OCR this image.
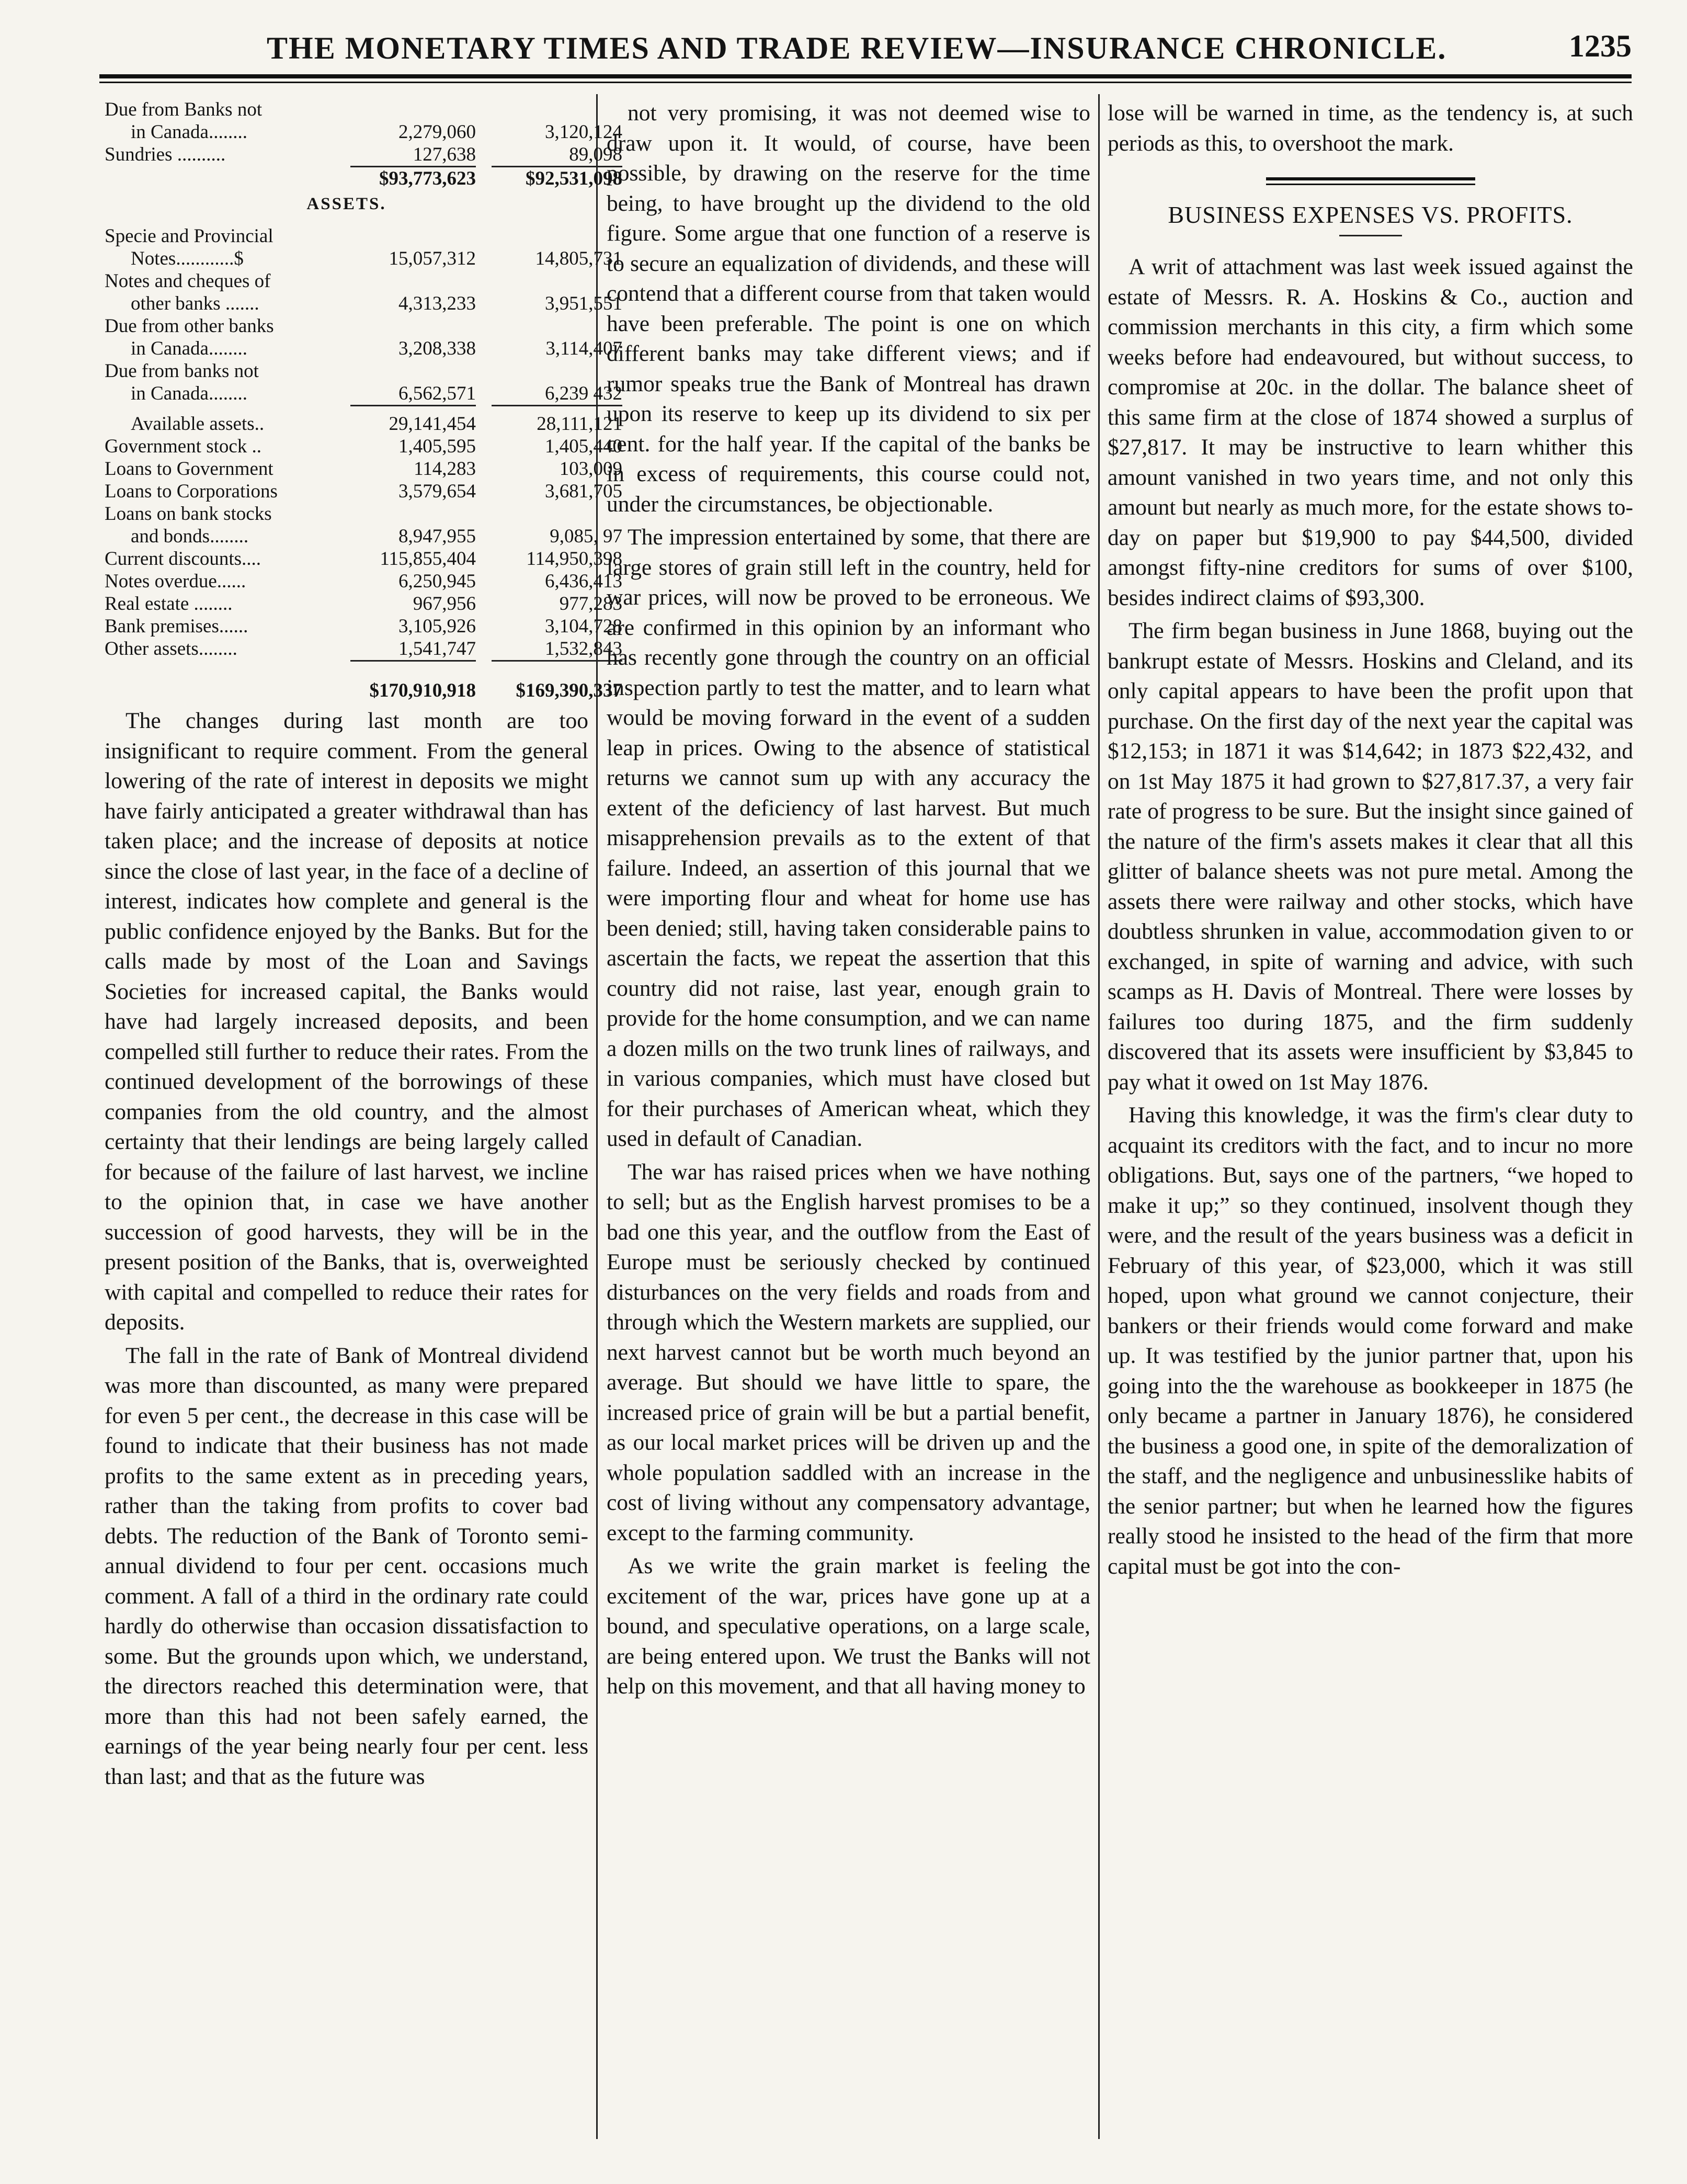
THE MONETARY TIMES AND TRADE REVIEW—INSURANCE CHRONICLE.	1235
Due from Banks not
in Canada........	2,279,060	3,120,124
Sundries ..........	127,638	89,098
$93,773,623	$92,531,098
ASSETS.
Specie and Provincial
Notes............$	15,057,312	14,805,731
Notes and cheques of
other banks .......	4,313,233	3,951,551
Due from other banks
in Canada........	3,208,338	3,114,407
Due from banks not
in Canada........	6,562,571	6,239 432
Available assets..	29,141,454	28,111,121
Government stock ..	1,405,595	1,405,440
Loans to Government	114,283	103,009
Loans to Corporations	3,579,654	3,681,705
Loans on bank stocks
and bonds........	8,947,955	9,085, 97
Current discounts....	115,855,404	114,950,398
Notes overdue......	6,250,945	6,436,413
Real estate ........	967,956	977,283
Bank premises......	3,105,926	3,104,728
Other assets........	1,541,747	1,532,843
$170,910,918	$169,390,337

The changes during last month are too insignificant to require comment. From the general lowering of the rate of interest in deposits we might have fairly anticipated a greater withdrawal than has taken place; and the increase of deposits at notice since the close of last year, in the face of a decline of interest, indicates how complete and general is the public confidence enjoyed by the Banks. But for the calls made by most of the Loan and Savings Societies for increased capital, the Banks would have had largely increased deposits, and been compelled still further to reduce their rates. From the continued development of the borrowings of these companies from the old country, and the almost certainty that their lendings are being largely called for because of the failure of last harvest, we incline to the opinion that, in case we have another succession of good harvests, they will be in the present position of the Banks, that is, overweighted with capital and compelled to reduce their rates for deposits.

The fall in the rate of Bank of Montreal dividend was more than discounted, as many were prepared for even 5 per cent., the decrease in this case will be found to indicate that their business has not made profits to the same extent as in preceding years, rather than the taking from profits to cover bad debts. The reduction of the Bank of Toronto semi-annual dividend to four per cent. occasions much comment. A fall of a third in the ordinary rate could hardly do otherwise than occasion dissatisfaction to some. But the grounds upon which, we understand, the directors reached this determination were, that more than this had not been safely earned, the earnings of the year being nearly four per cent. less than last; and that as the future was

not very promising, it was not deemed wise to draw upon it. It would, of course, have been possible, by drawing on the reserve for the time being, to have brought up the dividend to the old figure. Some argue that one function of a reserve is to secure an equalization of dividends, and these will contend that a different course from that taken would have been preferable. The point is one on which different banks may take different views; and if rumor speaks true the Bank of Montreal has drawn upon its reserve to keep up its dividend to six per cent. for the half year. If the capital of the banks be in excess of requirements, this course could not, under the circumstances, be objectionable.

The impression entertained by some, that there are large stores of grain still left in the country, held for war prices, will now be proved to be erroneous. We are confirmed in this opinion by an informant who has recently gone through the country on an official inspection partly to test the matter, and to learn what would be moving forward in the event of a sudden leap in prices. Owing to the absence of statistical returns we cannot sum up with any accuracy the extent of the deficiency of last harvest. But much misapprehension prevails as to the extent of that failure. Indeed, an assertion of this journal that we were importing flour and wheat for home use has been denied; still, having taken considerable pains to ascertain the facts, we repeat the assertion that this country did not raise, last year, enough grain to provide for the home consumption, and we can name a dozen mills on the two trunk lines of railways, and in various companies, which must have closed but for their purchases of American wheat, which they used in default of Canadian.

The war has raised prices when we have nothing to sell; but as the English harvest promises to be a bad one this year, and the outflow from the East of Europe must be seriously checked by continued disturbances on the very fields and roads from and through which the Western markets are supplied, our next harvest cannot but be worth much beyond an average. But should we have little to spare, the increased price of grain will be but a partial benefit, as our local market prices will be driven up and the whole population saddled with an increase in the cost of living without any compensatory advantage, except to the farming community.

As we write the grain market is feeling the excitement of the war, prices have gone up at a bound, and speculative operations, on a large scale, are being entered upon. We trust the Banks will not help on this movement, and that all having money to

lose will be warned in time, as the tendency is, at such periods as this, to overshoot the mark.

BUSINESS EXPENSES VS. PROFITS.

A writ of attachment was last week issued against the estate of Messrs. R. A. Hoskins & Co., auction and commission merchants in this city, a firm which some weeks before had endeavoured, but without success, to compromise at 20c. in the dollar. The balance sheet of this same firm at the close of 1874 showed a surplus of $27,817. It may be instructive to learn whither this amount vanished in two years time, and not only this amount but nearly as much more, for the estate shows to-day on paper but $19,900 to pay $44,500, divided amongst fifty-nine creditors for sums of over $100, besides indirect claims of $93,300.

The firm began business in June 1868, buying out the bankrupt estate of Messrs. Hoskins and Cleland, and its only capital appears to have been the profit upon that purchase. On the first day of the next year the capital was $12,153; in 1871 it was $14,642; in 1873 $22,432, and on 1st May 1875 it had grown to $27,817.37, a very fair rate of progress to be sure. But the insight since gained of the nature of the firm's assets makes it clear that all this glitter of balance sheets was not pure metal. Among the assets there were railway and other stocks, which have doubtless shrunken in value, accommodation given to or exchanged, in spite of warning and advice, with such scamps as H. Davis of Montreal. There were losses by failures too during 1875, and the firm suddenly discovered that its assets were insufficient by $3,845 to pay what it owed on 1st May 1876.

Having this knowledge, it was the firm's clear duty to acquaint its creditors with the fact, and to incur no more obligations. But, says one of the partners, “we hoped to make it up;” so they continued, insolvent though they were, and the result of the years business was a deficit in February of this year, of $23,000, which it was still hoped, upon what ground we cannot conjecture, their bankers or their friends would come forward and make up. It was testified by the junior partner that, upon his going into the the warehouse as bookkeeper in 1875 (he only became a partner in January 1876), he considered the business a good one, in spite of the demoralization of the staff, and the negligence and unbusinesslike habits of the senior partner; but when he learned how the figures really stood he insisted to the head of the firm that more capital must be got into the con-
